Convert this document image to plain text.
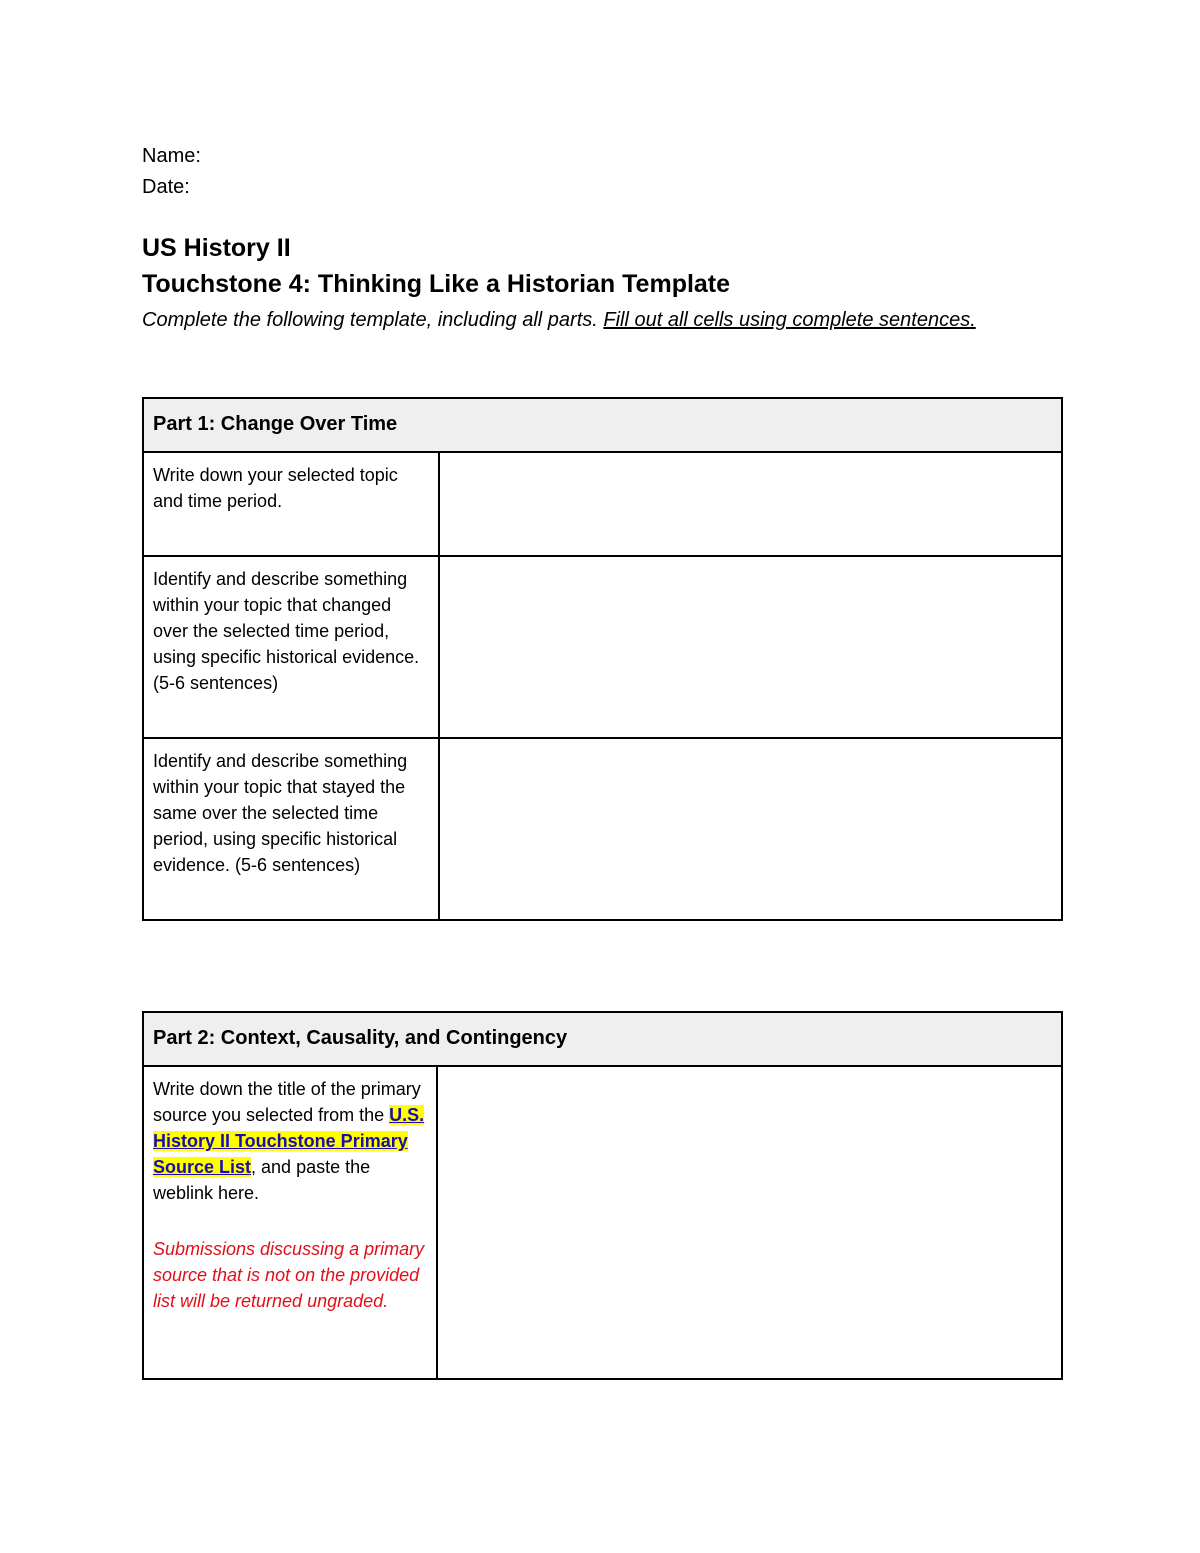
Name:
Date:
US History II
Touchstone 4: Thinking Like a Historian Template
Complete the following template, including all parts. Fill out all cells using complete sentences.
Part 1: Change Over Time	
Write down your selected topic and time period.	
Identify and describe something within your topic that changed over the selected time period, using specific historical evidence. (5-6 sentences)	
Identify and describe something within your topic that stayed the same over the selected time period, using specific historical evidence. (5-6 sentences)	
Part 2: Context, Causality, and Contingency
Write down the title of the primary source you selected from the U.S. History II Touchstone Primary Source List, and paste the weblink here.
Submissions discussing a primary source that is not on the provided list will be returned ungraded.
